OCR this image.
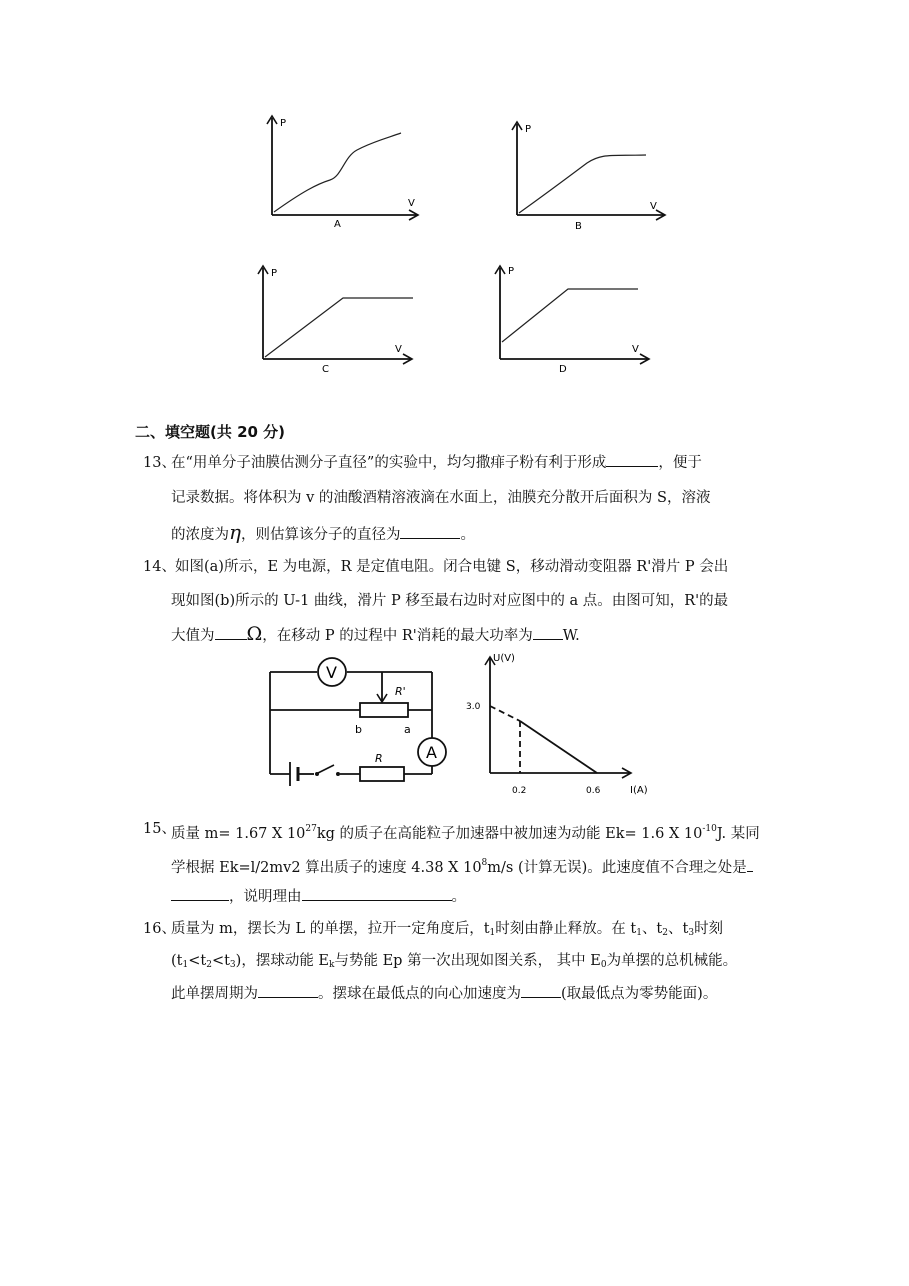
P
V
A
P
V
B
P
V
C
P
V
D
二、填空题(共 20 分)
13、
在“用单分子油膜估测分子直径”的实验中，均匀撒痱子粉有利于形成	，便于
记录数据。将体积为 v 的油酸酒精溶液滴在水面上，油膜充分散开后面积为 S，溶液
的浓度为η，则估算该分子的直径为	。
14、 如图(a)所示，E 为电源，R 是定值电阻。闭合电键 S，移动滑动变阻器 R'滑片 P 会出
现如图(b)所示的 U-1 曲线，滑片 P 移至最右边时对应图中的 a 点。由图可知，R'的最
大值为 Ω，在移动 P 的过程中 R'消耗的最大功率为 W.
V
R'
b	a
A
R
U(V)
I(A)
3.0
0.2	0.6
15、
质量 m= 1.67 X $10^{27}kg$ 的质子在高能粒子加速器中被加速为动能 Ek= 1.6 X $10^{-10}J$. 某同
学根据 Ek=l/2mv2 算出质子的速度 4.38 X $10^8m/s$ (计算无误)。此速度值不合理之处是
，说明理由	。
16、
质量为 m，摆长为 L 的单摆，拉开一定角度后，$t_1$时刻由静止释放。在 $t_1$、$t_2$、$t_3$时刻
$(t_1<t_2<t_3)$，摆球动能 $E_k$与势能 Ep 第一次出现如图关系， 其中 $E_0$为单摆的总机械能。
此单摆周期为	。摆球在最低点的向心加速度为	(取最低点为零势能面)。
